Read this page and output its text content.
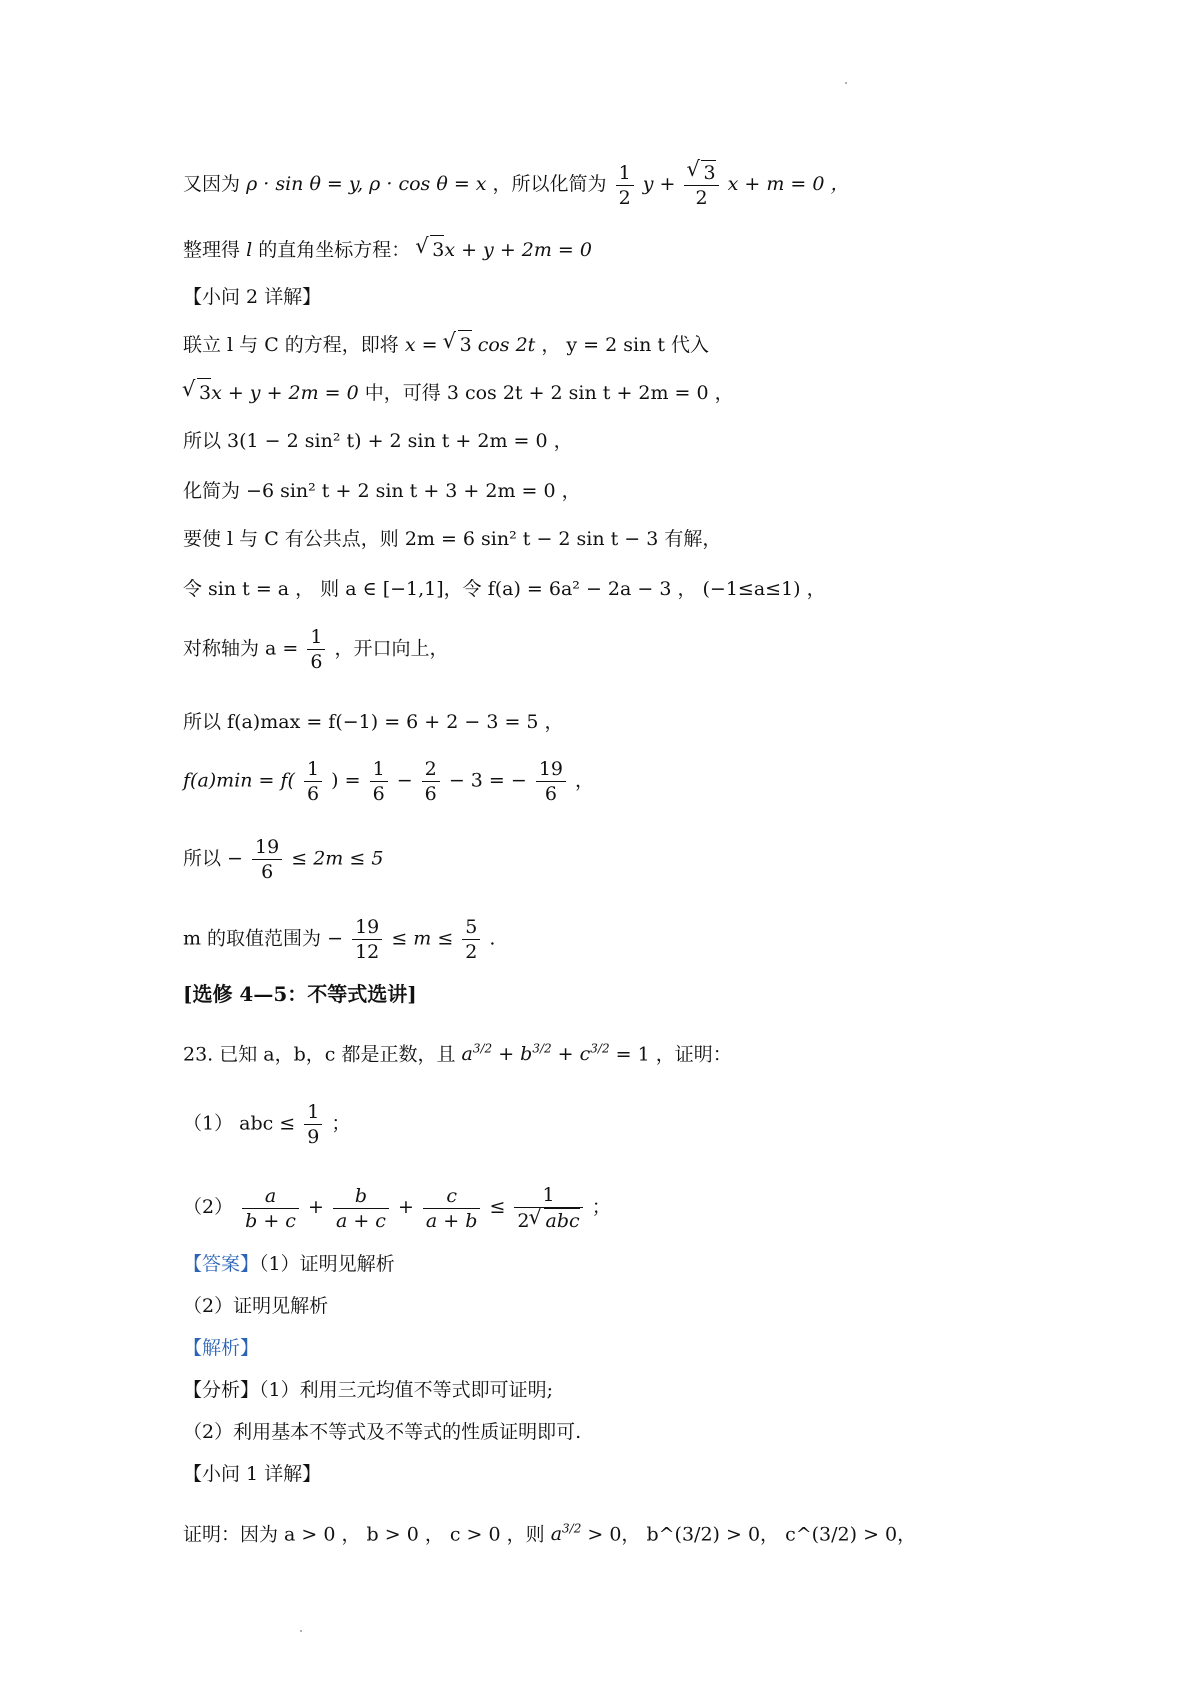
又因为 ρ · sin θ = y, ρ · cos θ = x ，所以化简为 $\frac{1}{2}$ y + √ $\frac{3}{2}$ x + m = 0 ，
整理得 l 的直角坐标方程： √ 3x + y + 2m = 0
【小问 2 详解】
联立 l 与 C 的方程，即将 x = √ 3 cos 2t ， y = 2 sin t 代入
√ 3x + y + 2m = 0 中，可得 3 cos 2t + 2 sin t + 2m = 0 ，
所以 3(1 − 2 sin² t) + 2 sin t + 2m = 0 ，
化简为 −6 sin² t + 2 sin t + 3 + 2m = 0 ，
要使 l 与 C 有公共点，则 2m = 6 sin² t − 2 sin t − 3 有解，
令 sin t = a ， 则 a ∈ [−1,1]，令 f(a) = 6a² − 2a − 3 ， (−1≤a≤1) ，
对称轴为 $a = \frac{1}{6}$ ，开口向上，
所以 f(a)max = f(−1) = 6 + 2 − 3 = 5 ，
$f(a)\min = f( \frac{1}{6}$ ) = $\frac{1}{6} - \frac{2}{6} - 3$ = − $\frac{19}{6}$ ，
所以 − $\frac{19}{6} \le 2m \le 5$
m 的取值范围为 − $\frac{19}{12} \le m \le \frac{5}{2}$ .
[选修 4—5：不等式选讲]
23. 已知 a，b，c 都是正数，且 $a^{3/2} + b^{3/2} + c^{3/2} = 1$ ，证明：
（1） abc ≤ $\frac{1}{9}$ ；
$(2) \frac{a}{b + c} + \frac{b}{a + c} + \frac{c}{a + b} \le \frac{1}{\text{2 √ abc}}$ ；
【答案】（1）证明见解析
（2）证明见解析
【解析】
【分析】（1）利用三元均值不等式即可证明;
（2）利用基本不等式及不等式的性质证明即可.
【小问 1 详解】
证明：因为 a > 0 ， b > 0 ， c > 0 ，则 $a^{3/2} > 0$， b^(3/2) > 0， c^(3/2) > 0，
